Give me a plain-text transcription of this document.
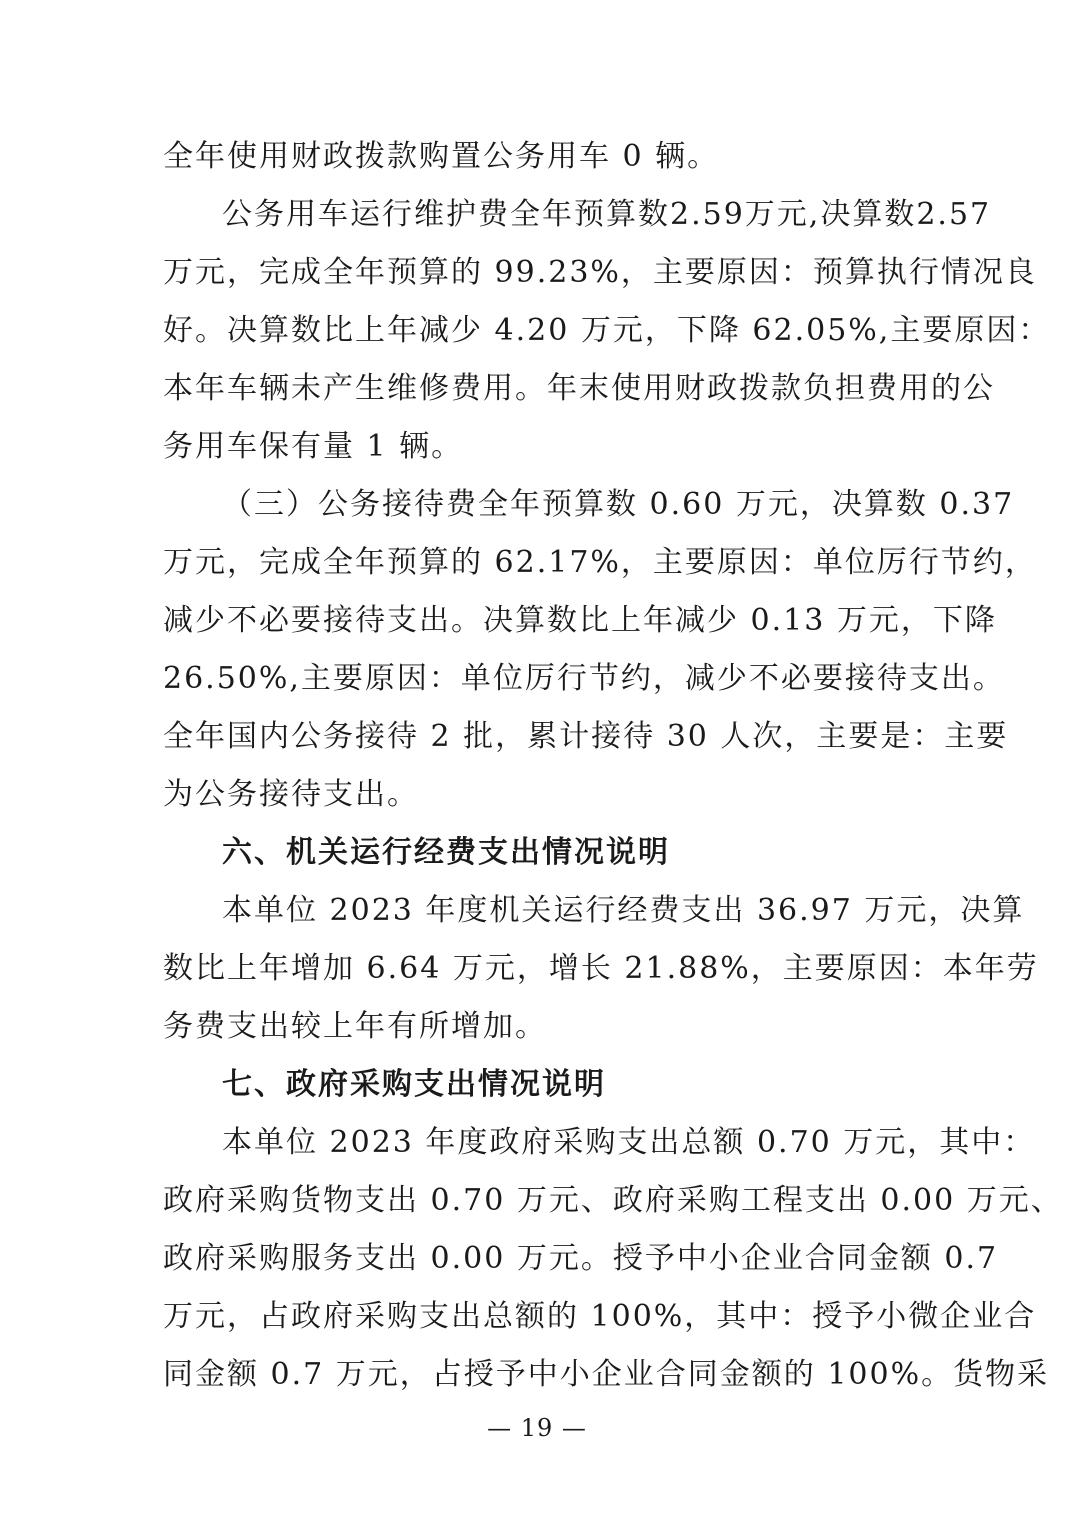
全年使用财政拨款购置公务用车 0 辆。
公务用车运行维护费全年预算数2.59万元,决算数2.57
万元，完成全年预算的 99.23%，主要原因：预算执行情况良
好。决算数比上年减少 4.20 万元，下降 62.05%,主要原因：
本年车辆未产生维修费用。年末使用财政拨款负担费用的公
务用车保有量 1 辆。
（三）公务接待费全年预算数 0.60 万元，决算数 0.37
万元，完成全年预算的 62.17%，主要原因：单位厉行节约，
减少不必要接待支出。决算数比上年减少 0.13 万元，下降
26.50%,主要原因：单位厉行节约，减少不必要接待支出。
全年国内公务接待 2 批，累计接待 30 人次，主要是：主要
为公务接待支出。
六、机关运行经费支出情况说明
本单位 2023 年度机关运行经费支出 36.97 万元，决算
数比上年增加 6.64 万元，增长 21.88%，主要原因：本年劳
务费支出较上年有所增加。
七、政府采购支出情况说明
本单位 2023 年度政府采购支出总额 0.70 万元，其中：
政府采购货物支出 0.70 万元、政府采购工程支出 0.00 万元、
政府采购服务支出 0.00 万元。授予中小企业合同金额 0.7
万元，占政府采购支出总额的 100%，其中：授予小微企业合
同金额 0.7 万元，占授予中小企业合同金额的 100%。货物采
— 19 —
